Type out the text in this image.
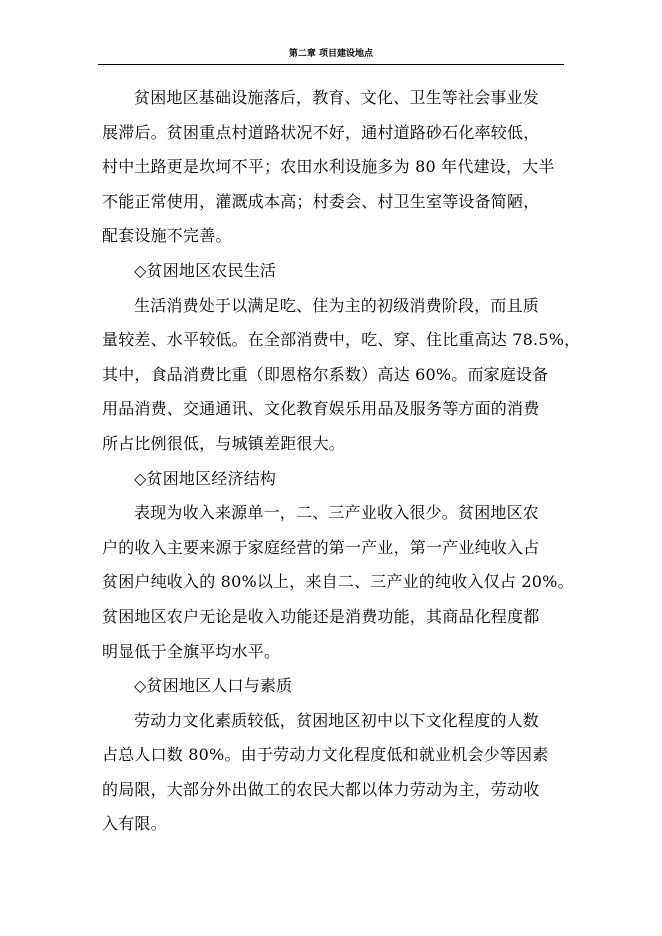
第二章 项目建设地点
贫困地区基础设施落后，教育、文化、卫生等社会事业发
展滞后。贫困重点村道路状况不好，通村道路砂石化率较低，
村中土路更是坎坷不平；农田水利设施多为 80 年代建设，大半
不能正常使用，灌溉成本高；村委会、村卫生室等设备简陋，
配套设施不完善。
◇贫困地区农民生活
生活消费处于以满足吃、住为主的初级消费阶段，而且质
量较差、水平较低。在全部消费中，吃、穿、住比重高达 78.5%，
其中，食品消费比重（即恩格尔系数）高达 60%。而家庭设备
用品消费、交通通讯、文化教育娱乐用品及服务等方面的消费
所占比例很低，与城镇差距很大。
◇贫困地区经济结构
表现为收入来源单一，二、三产业收入很少。贫困地区农
户的收入主要来源于家庭经营的第一产业，第一产业纯收入占
贫困户纯收入的 80%以上，来自二、三产业的纯收入仅占 20%。
贫困地区农户无论是收入功能还是消费功能，其商品化程度都
明显低于全旗平均水平。
◇贫困地区人口与素质
劳动力文化素质较低，贫困地区初中以下文化程度的人数
占总人口数 80%。由于劳动力文化程度低和就业机会少等因素
的局限，大部分外出做工的农民大都以体力劳动为主，劳动收
入有限。
